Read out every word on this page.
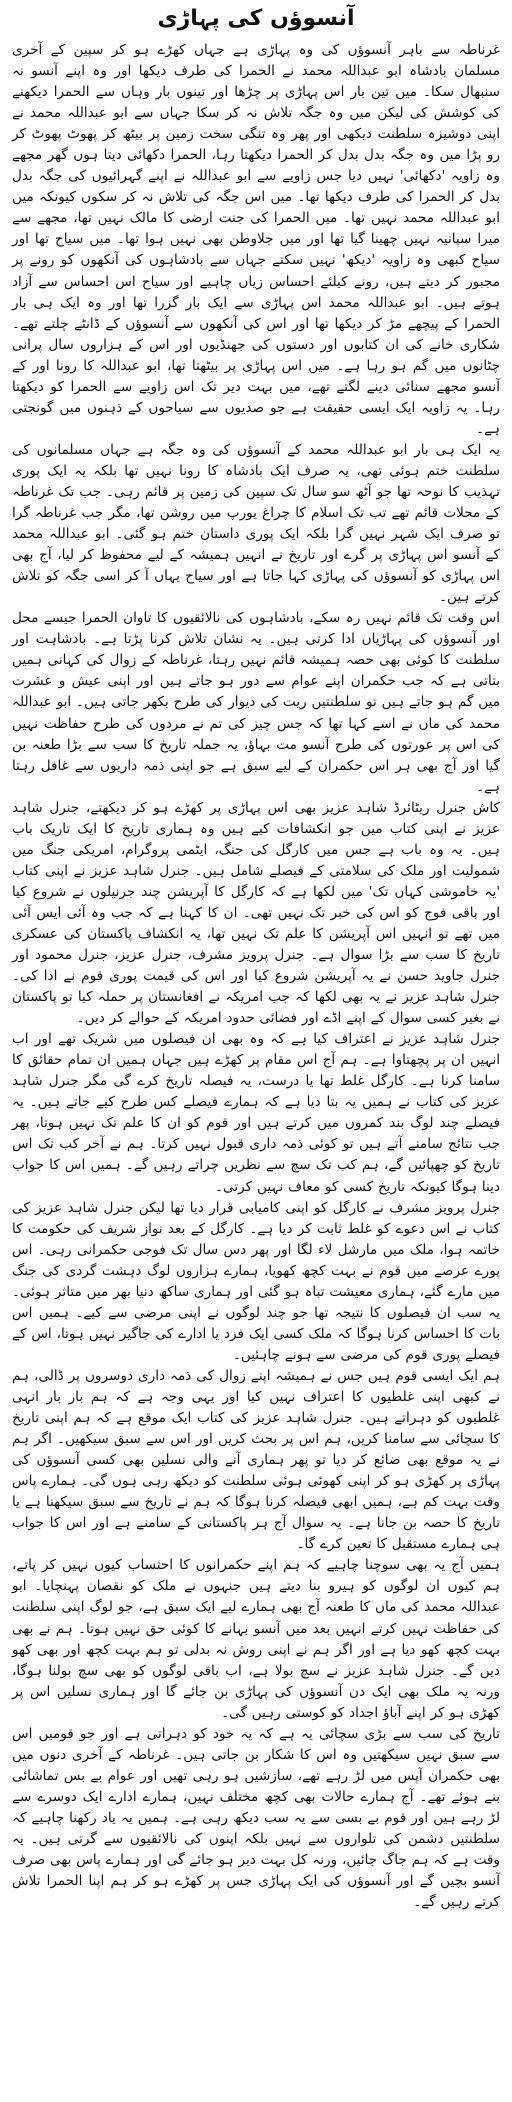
آنسوؤں کی پہاڑی

غرناطہ سے باہر آنسوؤں کی وہ پہاڑی ہے جہاں کھڑے ہو کر سپین کے آخری مسلمان بادشاہ ابو عبداللہ محمد نے الحمرا کی طرف دیکھا اور وہ اپنے آنسو نہ سنبھال سکا۔ میں تین بار اس پہاڑی پر چڑھا اور تینوں بار وہاں سے الحمرا دیکھنے کی کوشش کی لیکن میں وہ جگہ تلاش نہ کر سکا جہاں سے ابو عبداللہ محمد نے اپنی دوشیزہ سلطنت دیکھی اور پھر وہ تنگی سخت زمین پر بیٹھ کر پھوٹ پھوٹ کر رو پڑا میں وہ جگہ بدل بدل کر الحمرا دیکھتا رہا، الحمرا دکھائی دیتا ہوں گھر مجھے وہ زاویہ 'دکھائی' نہیں دیا جس زاویے سے ابو عبداللہ نے اپنے گہرائیوں کی جگہ بدل بدل کر الحمرا کی طرف دیکھا تھا۔ میں اس جگہ کی تلاش نہ کر سکوں کیونکہ میں ابو عبداللہ محمد نہیں تھا۔ میں الحمرا کی جنت ارضی کا مالک نہیں تھا، مجھے سے میرا سپانیہ نہیں چھینا گیا تھا اور میں جلاوطن بھی نہیں ہوا تھا۔ میں سیاح تھا اور سیاح کبھی وہ زاویہ 'دیکھ' نہیں سکتے جہاں سے بادشاہوں کی آنکھوں کو رونے پر مجبور کر دیتے ہیں، رونے کیلئے احساس زیاں چاہیے اور سیاح اس احساس سے آزاد ہوتے ہیں۔ ابو عبداللہ محمد اس پہاڑی سے ایک بار گزرا تھا اور وہ ایک ہی بار الحمرا کے پیچھے مڑ کر دیکھا تھا اور اس کی آنکھوں سے آنسوؤں کے ڈانٹے چلتے تھے۔ شکاری خانے کی ان کتابوں اور دستوں کی جھنڈیوں اور اس کے ہزاروں سال پرانی چٹانوں میں گم ہو رہا ہے۔ میں اس پہاڑی پر بیٹھتا تھا، ابو عبداللہ کا رونا اور کے آنسو مجھے سنائی دینے لگتے تھے، میں بہت دیر تک اس زاویے سے الحمرا کو دیکھتا رہا۔ یہ زاویہ ایک ایسی حقیقت ہے جو صدیوں سے سیاحوں کے ذہنوں میں گونجتی ہے۔

یہ ایک ہی بار ابو عبداللہ محمد کے آنسوؤں کی وہ جگہ ہے جہاں مسلمانوں کی سلطنت ختم ہوئی تھی، یہ صرف ایک بادشاہ کا رونا نہیں تھا بلکہ یہ ایک پوری تہذیب کا نوحہ تھا جو آٹھ سو سال تک سپین کی زمین پر قائم رہی۔ جب تک غرناطہ کے محلات قائم تھے تب تک اسلام کا چراغ یورپ میں روشن تھا، مگر جب غرناطہ گرا تو صرف ایک شہر نہیں گرا بلکہ ایک پوری داستان ختم ہو گئی۔ ابو عبداللہ محمد کے آنسو اس پہاڑی پر گرے اور تاریخ نے انہیں ہمیشہ کے لیے محفوظ کر لیا، آج بھی اس پہاڑی کو آنسوؤں کی پہاڑی کہا جاتا ہے اور سیاح یہاں آ کر اسی جگہ کو تلاش کرتے ہیں۔

اس وقت تک قائم نہیں رہ سکے، بادشاہوں کی نالائقیوں کا تاوان الحمرا جیسے محل اور آنسوؤں کی پہاڑیاں ادا کرتی ہیں۔ یہ نشان تلاش کرنا پڑتا ہے۔ بادشاہت اور سلطنت کا کوئی بھی حصہ ہمیشہ قائم نہیں رہتا، غرناطہ کے زوال کی کہانی ہمیں بتاتی ہے کہ جب حکمران اپنے عوام سے دور ہو جاتے ہیں اور اپنی عیش و عشرت میں گم ہو جاتے ہیں تو سلطنتیں ریت کی دیوار کی طرح بکھر جاتی ہیں۔ ابو عبداللہ محمد کی ماں نے اسے کہا تھا کہ جس چیز کی تم نے مردوں کی طرح حفاظت نہیں کی اس پر عورتوں کی طرح آنسو مت بہاؤ، یہ جملہ تاریخ کا سب سے بڑا طعنہ بن گیا اور آج بھی ہر اس حکمران کے لیے سبق ہے جو اپنی ذمہ داریوں سے غافل رہتا ہے۔

کاش جنرل ریٹائرڈ شاہد عزیز بھی اس پہاڑی پر کھڑے ہو کر دیکھتے، جنرل شاہد عزیز نے اپنی کتاب میں جو انکشافات کیے ہیں وہ ہماری تاریخ کا ایک تاریک باب ہیں۔ یہ وہ باب ہے جس میں کارگل کی جنگ، ایٹمی پروگرام، امریکی جنگ میں شمولیت اور ملک کی سلامتی کے فیصلے شامل ہیں۔ جنرل شاہد عزیز نے اپنی کتاب 'یہ خاموشی کہاں تک' میں لکھا ہے کہ کارگل کا آپریشن چند جرنیلوں نے شروع کیا اور باقی فوج کو اس کی خبر تک نہیں تھی۔ ان کا کہنا ہے کہ جب وہ آئی ایس آئی میں تھے تو انہیں اس آپریشن کا علم تک نہیں تھا، یہ انکشاف پاکستان کی عسکری تاریخ کا سب سے بڑا سوال ہے۔ جنرل پرویز مشرف، جنرل عزیز، جنرل محمود اور جنرل جاوید حسن نے یہ آپریشن شروع کیا اور اس کی قیمت پوری قوم نے ادا کی۔ جنرل شاہد عزیز نے یہ بھی لکھا کہ جب امریکہ نے افغانستان پر حملہ کیا تو پاکستان نے بغیر کسی سوال کے اپنے اڈے اور فضائی حدود امریکہ کے حوالے کر دیں۔

جنرل شاہد عزیز نے اعتراف کیا ہے کہ وہ بھی ان فیصلوں میں شریک تھے اور اب انہیں ان پر پچھتاوا ہے۔ ہم آج اس مقام پر کھڑے ہیں جہاں ہمیں ان تمام حقائق کا سامنا کرنا ہے۔ کارگل غلط تھا یا درست، یہ فیصلہ تاریخ کرے گی مگر جنرل شاہد عزیز کی کتاب نے ہمیں یہ بتا دیا ہے کہ ہمارے فیصلے کس طرح کیے جاتے ہیں۔ یہ فیصلے چند لوگ بند کمروں میں کرتے ہیں اور قوم کو ان کا علم تک نہیں ہوتا، پھر جب نتائج سامنے آتے ہیں تو کوئی ذمہ داری قبول نہیں کرتا۔ ہم نے آخر کب تک اس تاریخ کو چھپائیں گے، ہم کب تک سچ سے نظریں چراتے رہیں گے۔ ہمیں اس کا جواب دینا ہوگا کیونکہ تاریخ کسی کو معاف نہیں کرتی۔

جنرل پرویز مشرف نے کارگل کو اپنی کامیابی قرار دیا تھا لیکن جنرل شاہد عزیز کی کتاب نے اس دعوے کو غلط ثابت کر دیا ہے۔ کارگل کے بعد نواز شریف کی حکومت کا خاتمہ ہوا، ملک میں مارشل لاء لگا اور پھر دس سال تک فوجی حکمرانی رہی۔ اس پورے عرصے میں قوم نے بہت کچھ کھویا، ہمارے ہزاروں لوگ دہشت گردی کی جنگ میں مارے گئے، ہماری معیشت تباہ ہو گئی اور ہماری ساکھ دنیا بھر میں متاثر ہوئی۔ یہ سب ان فیصلوں کا نتیجہ تھا جو چند لوگوں نے اپنی مرضی سے کیے۔ ہمیں اس بات کا احساس کرنا ہوگا کہ ملک کسی ایک فرد یا ادارے کی جاگیر نہیں ہوتا، اس کے فیصلے پوری قوم کی مرضی سے ہونے چاہئیں۔

ہم ایک ایسی قوم ہیں جس نے ہمیشہ اپنے زوال کی ذمہ داری دوسروں پر ڈالی، ہم نے کبھی اپنی غلطیوں کا اعتراف نہیں کیا اور یہی وجہ ہے کہ ہم بار بار انہی غلطیوں کو دہراتے ہیں۔ جنرل شاہد عزیز کی کتاب ایک موقع ہے کہ ہم اپنی تاریخ کا سچائی سے سامنا کریں، ہم اس پر بحث کریں اور اس سے سبق سیکھیں۔ اگر ہم نے یہ موقع بھی ضائع کر دیا تو پھر ہماری آنے والی نسلیں بھی کسی آنسوؤں کی پہاڑی پر کھڑی ہو کر اپنی کھوئی ہوئی سلطنت کو دیکھ رہی ہوں گی۔ ہمارے پاس وقت بہت کم ہے، ہمیں ابھی فیصلہ کرنا ہوگا کہ ہم نے تاریخ سے سبق سیکھنا ہے یا تاریخ کا حصہ بن جانا ہے۔ یہ سوال آج ہر پاکستانی کے سامنے ہے اور اس کا جواب ہی ہمارے مستقبل کا تعین کرے گا۔

ہمیں آج یہ بھی سوچنا چاہیے کہ ہم اپنے حکمرانوں کا احتساب کیوں نہیں کر پاتے، ہم کیوں ان لوگوں کو ہیرو بنا دیتے ہیں جنہوں نے ملک کو نقصان پہنچایا۔ ابو عبداللہ محمد کی ماں کا طعنہ آج بھی ہمارے لیے ایک سبق ہے، جو لوگ اپنی سلطنت کی حفاظت نہیں کرتے انہیں بعد میں آنسو بہانے کا کوئی حق نہیں ہوتا۔ ہم نے بھی بہت کچھ کھو دیا ہے اور اگر ہم نے اپنی روش نہ بدلی تو ہم بہت کچھ اور بھی کھو دیں گے۔ جنرل شاہد عزیز نے سچ بولا ہے، اب باقی لوگوں کو بھی سچ بولنا ہوگا، ورنہ یہ ملک بھی ایک دن آنسوؤں کی پہاڑی بن جائے گا اور ہماری نسلیں اس پر کھڑی ہو کر اپنے آباؤ اجداد کو کوستی رہیں گی۔

تاریخ کی سب سے بڑی سچائی یہ ہے کہ یہ خود کو دہراتی ہے اور جو قومیں اس سے سبق نہیں سیکھتیں وہ اس کا شکار بن جاتی ہیں۔ غرناطہ کے آخری دنوں میں بھی حکمران آپس میں لڑ رہے تھے، سازشیں ہو رہی تھیں اور عوام بے بس تماشائی بنے ہوئے تھے۔ آج ہمارے حالات بھی کچھ مختلف نہیں، ہمارے ادارے ایک دوسرے سے لڑ رہے ہیں اور قوم بے بسی سے یہ سب دیکھ رہی ہے۔ ہمیں یہ یاد رکھنا چاہیے کہ سلطنتیں دشمن کی تلواروں سے نہیں بلکہ اپنوں کی نالائقیوں سے گرتی ہیں۔ یہ وقت ہے کہ ہم جاگ جائیں، ورنہ کل بہت دیر ہو جائے گی اور ہمارے پاس بھی صرف آنسو بچیں گے اور آنسوؤں کی ایک پہاڑی جس پر کھڑے ہو کر ہم اپنا الحمرا تلاش کرتے رہیں گے۔
